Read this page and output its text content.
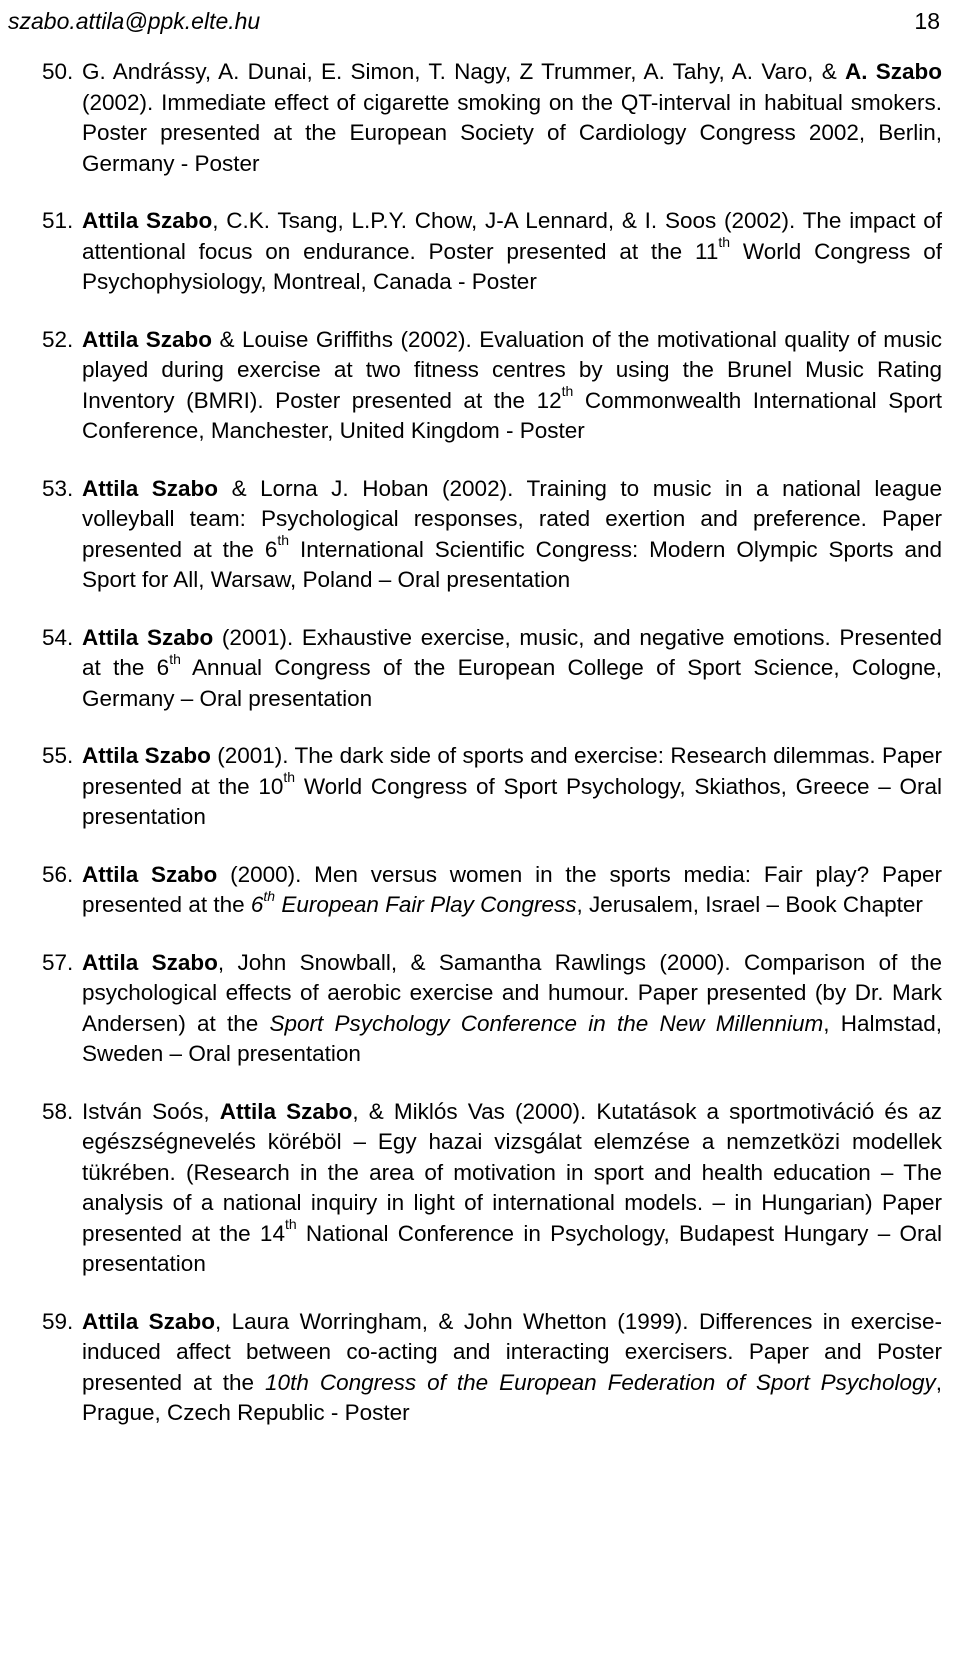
szabo.attila@ppk.elte.hu	18
50. G. Andrássy, A. Dunai, E. Simon, T. Nagy, Z Trummer, A. Tahy, A. Varo, & A. Szabo (2002). Immediate effect of cigarette smoking on the QT-interval in habitual smokers. Poster presented at the European Society of Cardiology Congress 2002, Berlin, Germany - Poster
51. Attila Szabo, C.K. Tsang, L.P.Y. Chow, J-A Lennard, & I. Soos (2002). The impact of attentional focus on endurance. Poster presented at the 11th World Congress of Psychophysiology, Montreal, Canada - Poster
52. Attila Szabo & Louise Griffiths (2002). Evaluation of the motivational quality of music played during exercise at two fitness centres by using the Brunel Music Rating Inventory (BMRI). Poster presented at the 12th Commonwealth International Sport Conference, Manchester, United Kingdom - Poster
53. Attila Szabo & Lorna J. Hoban (2002). Training to music in a national league volleyball team: Psychological responses, rated exertion and preference. Paper presented at the 6th International Scientific Congress: Modern Olympic Sports and Sport for All, Warsaw, Poland – Oral presentation
54. Attila Szabo (2001). Exhaustive exercise, music, and negative emotions. Presented at the 6th Annual Congress of the European College of Sport Science, Cologne, Germany – Oral presentation
55. Attila Szabo (2001). The dark side of sports and exercise: Research dilemmas. Paper presented at the 10th World Congress of Sport Psychology, Skiathos, Greece – Oral presentation
56. Attila Szabo (2000). Men versus women in the sports media: Fair play? Paper presented at the 6th European Fair Play Congress, Jerusalem, Israel – Book Chapter
57. Attila Szabo, John Snowball, & Samantha Rawlings (2000). Comparison of the psychological effects of aerobic exercise and humour. Paper presented (by Dr. Mark Andersen) at the Sport Psychology Conference in the New Millennium, Halmstad, Sweden – Oral presentation
58. István Soós, Attila Szabo, & Miklós Vas (2000). Kutatások a sportmotiváció és az egészségnevelés köréböl – Egy hazai vizsgálat elemzése a nemzetközi modellek tükrében. (Research in the area of motivation in sport and health education – The analysis of a national inquiry in light of international models. – in Hungarian) Paper presented at the 14th National Conference in Psychology, Budapest Hungary – Oral presentation
59. Attila Szabo, Laura Worringham, & John Whetton (1999). Differences in exercise-induced affect between co-acting and interacting exercisers. Paper and Poster presented at the 10th Congress of the European Federation of Sport Psychology, Prague, Czech Republic - Poster
